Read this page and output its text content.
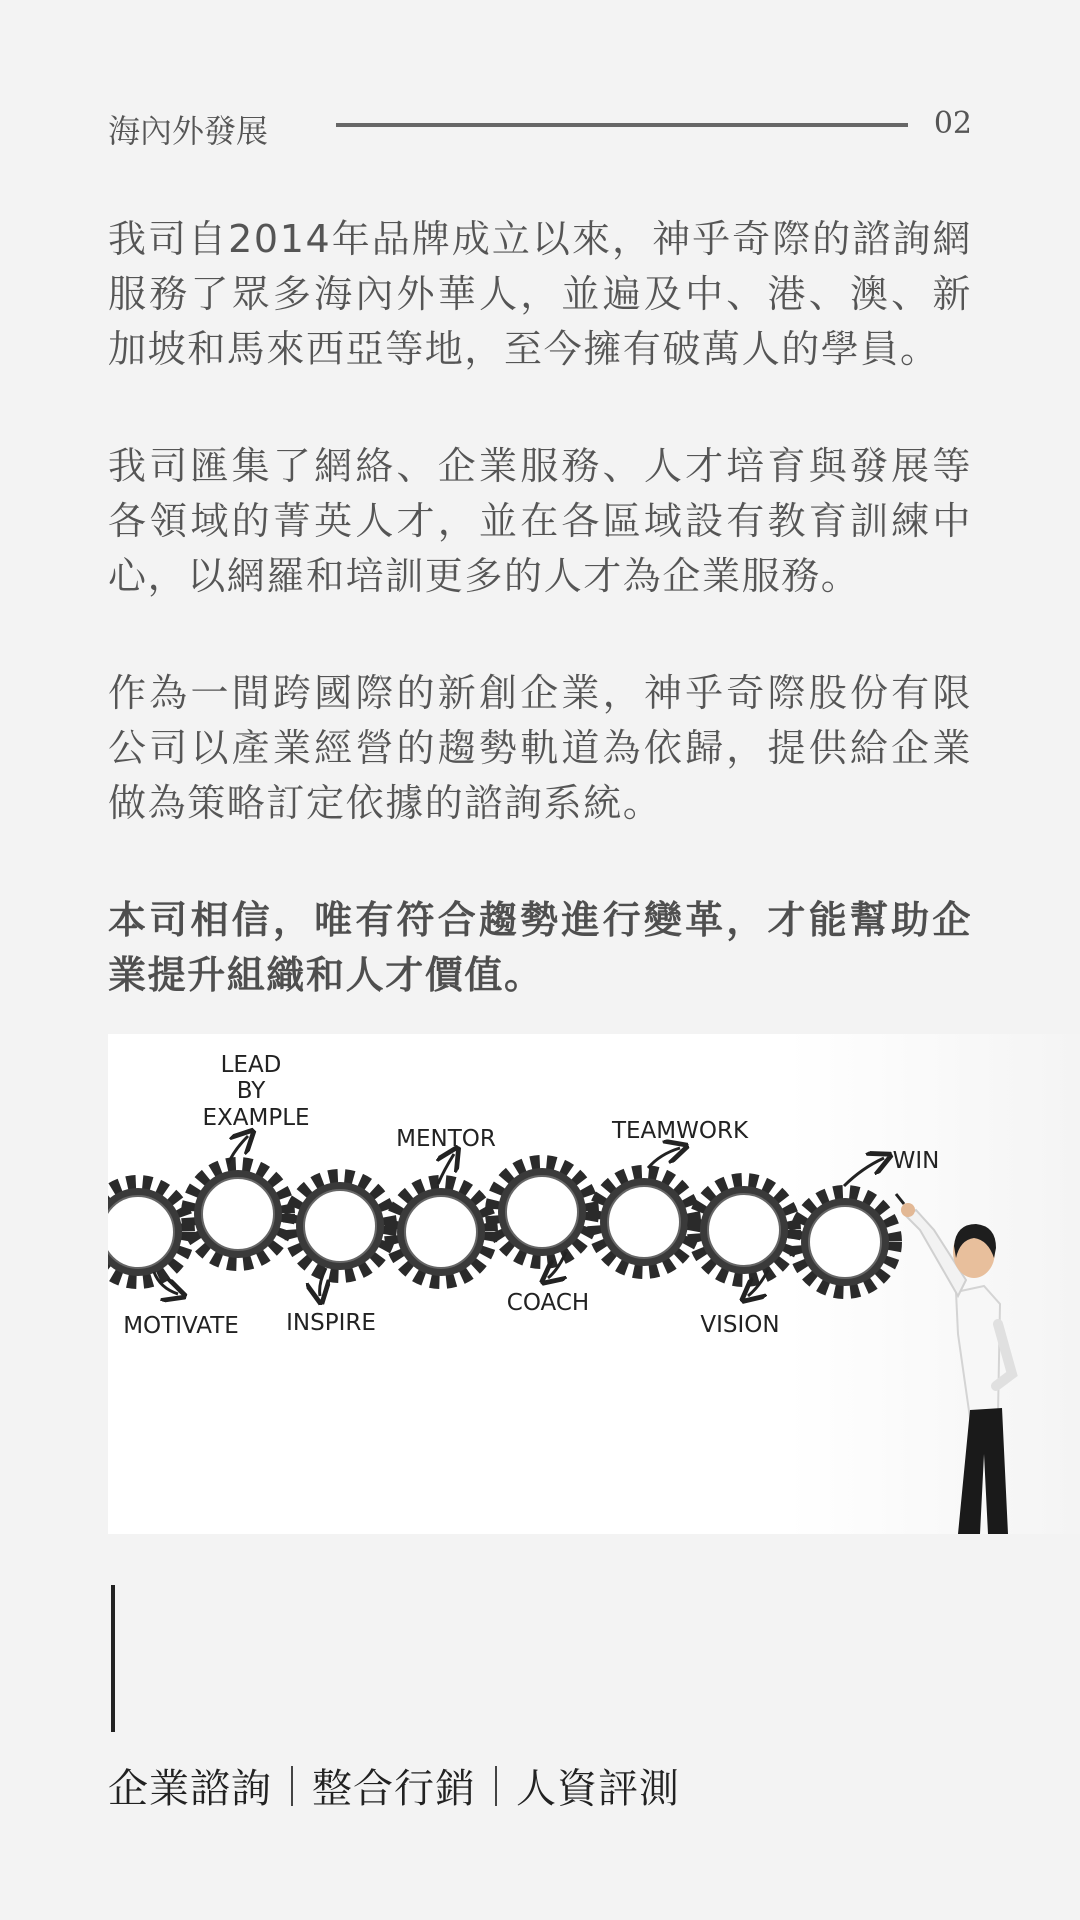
海內外發展	02

我司自2014年品牌成立以來，神乎奇際的諮詢網服務了眾多海內外華人，並遍及中、港、澳、新加坡和馬來西亞等地，至今擁有破萬人的學員。

我司匯集了網絡、企業服務、人才培育與發展等各領域的菁英人才，並在各區域設有教育訓練中心，以網羅和培訓更多的人才為企業服務。

作為一間跨國際的新創企業，神乎奇際股份有限公司以產業經營的趨勢軌道為依歸，提供給企業做為策略訂定依據的諮詢系統。

本司相信，唯有符合趨勢進行變革，才能幫助企業提升組織和人才價值。

LEAD
BY
EXAMPLE
MENTOR	TEAMWORK
WIN
MOTIVATE INSPIRE
COACH
VISION
企業諮詢 整合行銷 人資評測
